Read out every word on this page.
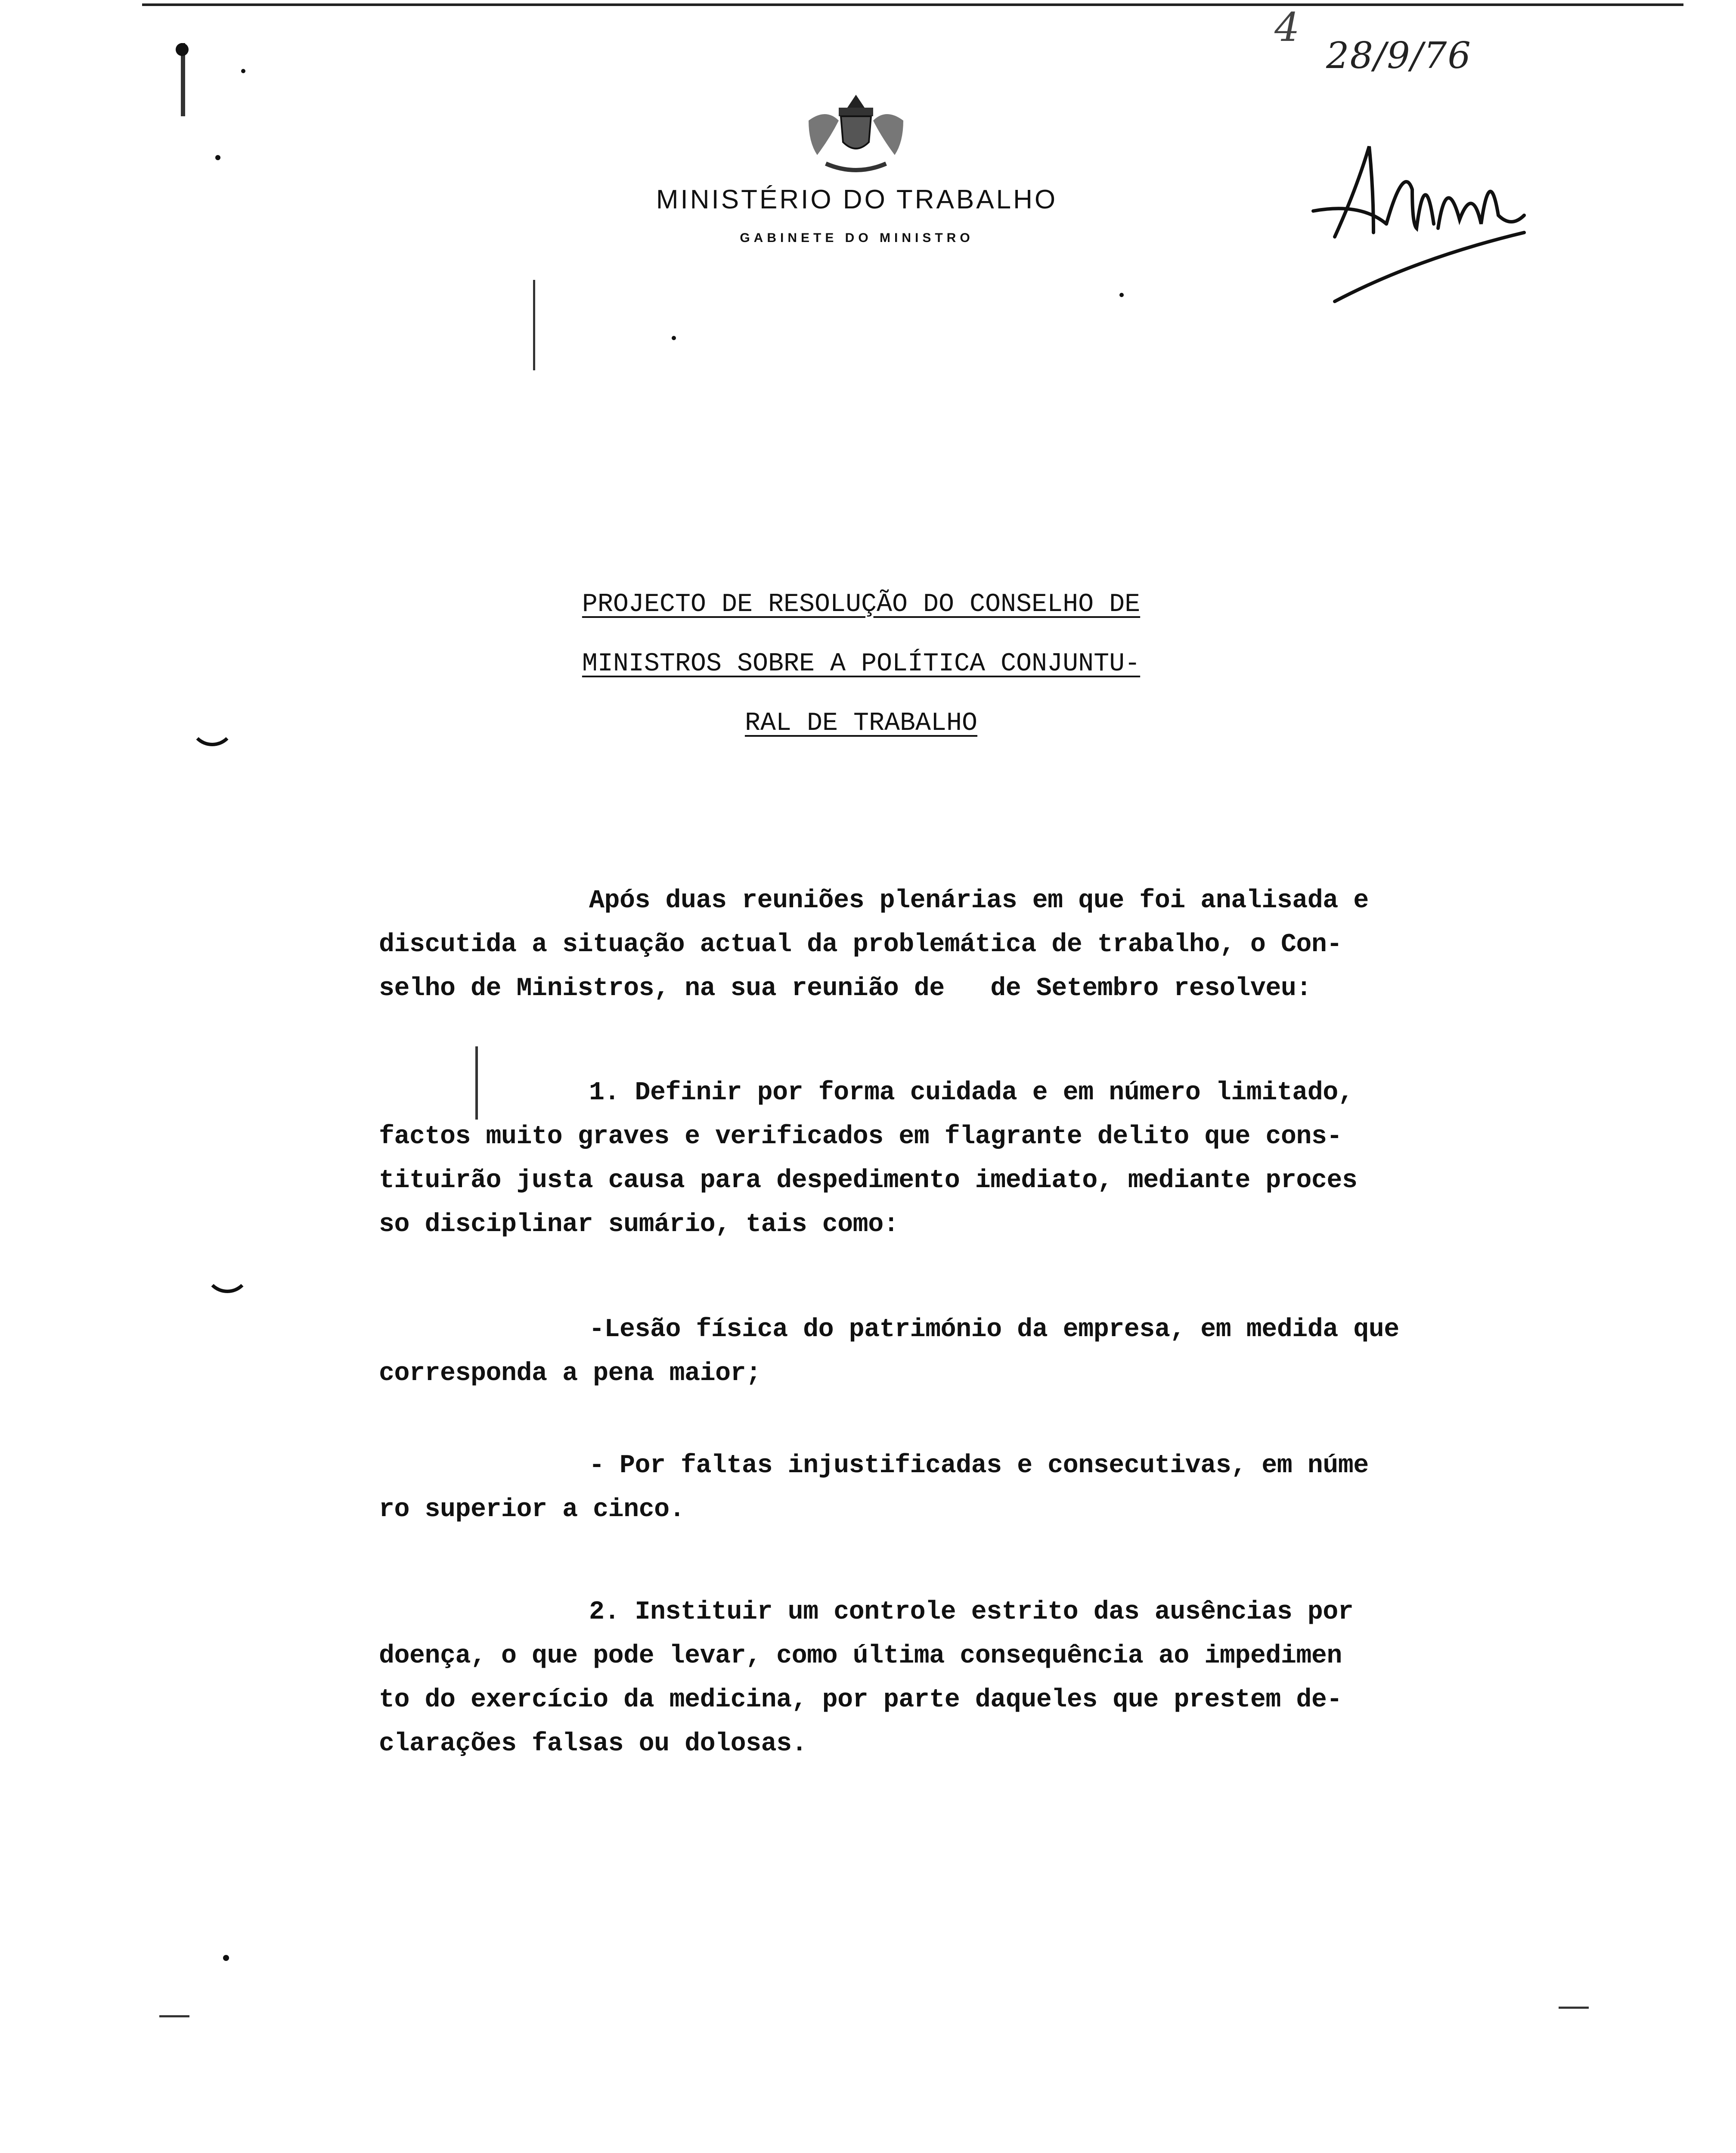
MINISTÉRIO DO TRABALHO
GABINETE DO MINISTRO
4
28/9/76
PROJECTO DE RESOLUÇÃO DO CONSELHO DE
MINISTROS SOBRE A POLÍTICA CONJUNTU-
RAL DE TRABALHO
Após duas reuniões plenárias em que foi analisada e
discutida a situação actual da problemática de trabalho, o Con-
selho de Ministros, na sua reunião de   de Setembro resolveu:
1. Definir por forma cuidada e em número limitado,
factos muito graves e verificados em flagrante delito que cons-
tituirão justa causa para despedimento imediato, mediante proces
so disciplinar sumário, tais como:
-Lesão física do património da empresa, em medida que
corresponda a pena maior;
- Por faltas injustificadas e consecutivas, em núme
ro superior a cinco.
2. Instituir um controle estrito das ausências por
doença, o que pode levar, como última consequência ao impedimen
to do exercício da medicina, por parte daqueles que prestem de-
clarações falsas ou dolosas.
